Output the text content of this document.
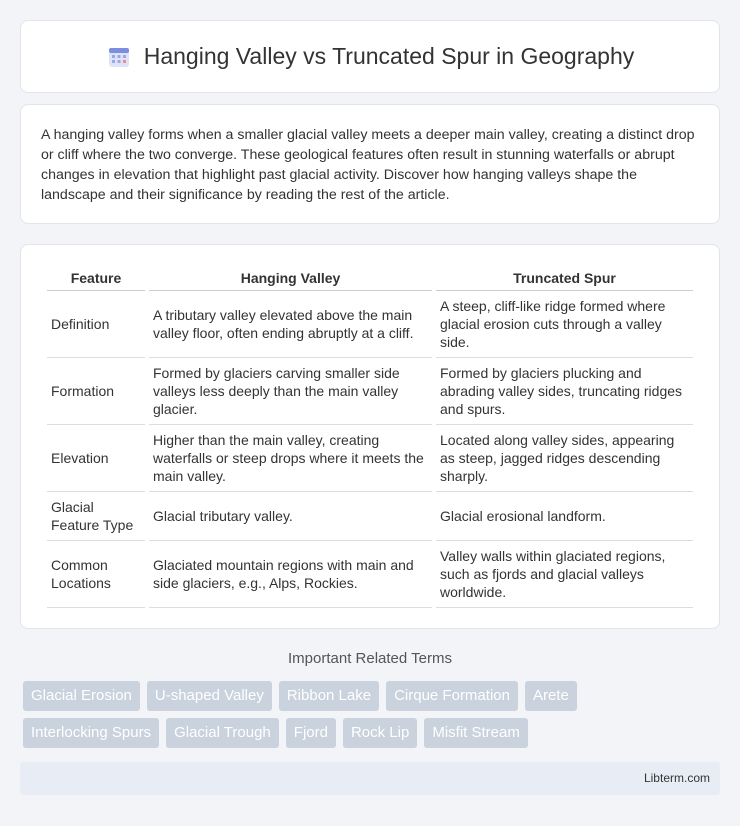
Hanging Valley vs Truncated Spur in Geography

A hanging valley forms when a smaller glacial valley meets a deeper main valley, creating a distinct drop or cliff where the two converge. These geological features often result in stunning waterfalls or abrupt changes in elevation that highlight past glacial activity. Discover how hanging valleys shape the landscape and their significance by reading the rest of the article.

Feature	Hanging Valley	Truncated Spur
Definition	A tributary valley elevated above the main valley floor, often ending abruptly at a cliff.	A steep, cliff-like ridge formed where glacial erosion cuts through a valley side.
Formation	Formed by glaciers carving smaller side valleys less deeply than the main valley glacier.	Formed by glaciers plucking and abrading valley sides, truncating ridges and spurs.
Elevation	Higher than the main valley, creating waterfalls or steep drops where it meets the main valley.	Located along valley sides, appearing as steep, jagged ridges descending sharply.
Glacial Feature Type	Glacial tributary valley.	Glacial erosional landform.
Common Locations	Glaciated mountain regions with main and side glaciers, e.g., Alps, Rockies.	Valley walls within glaciated regions, such as fjords and glacial valleys worldwide.
Important Related Terms
Glacial Erosion	U-shaped Valley	Ribbon Lake	Cirque Formation	Arete
Interlocking Spurs	Glacial Trough	Fjord	Rock Lip	Misfit Stream
Libterm.com
